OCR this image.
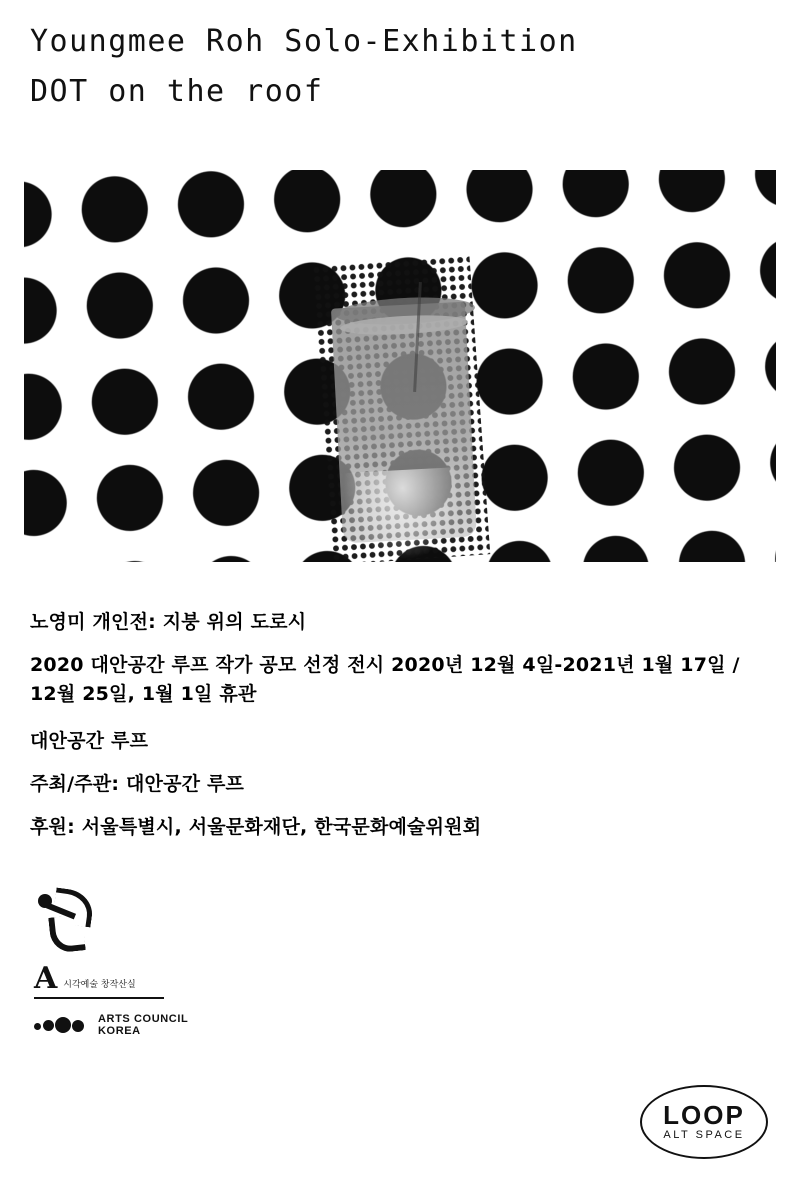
Youngmee Roh Solo-Exhibition
DOT on the roof

노영미 개인전: 지붕 위의 도로시

2020 대안공간 루프 작가 공모 선정 전시 2020년 12월 4일-2021년 1월 17일 / 12월 25일, 1월 1일 휴관

대안공간 루프

주최/주관: 대안공간 루프

후원: 서울특별시, 서울문화재단, 한국문화예술위원회

A 시각예술 창작산실
ARTS COUNCIL
KOREA
LOOP
ALT SPACE
